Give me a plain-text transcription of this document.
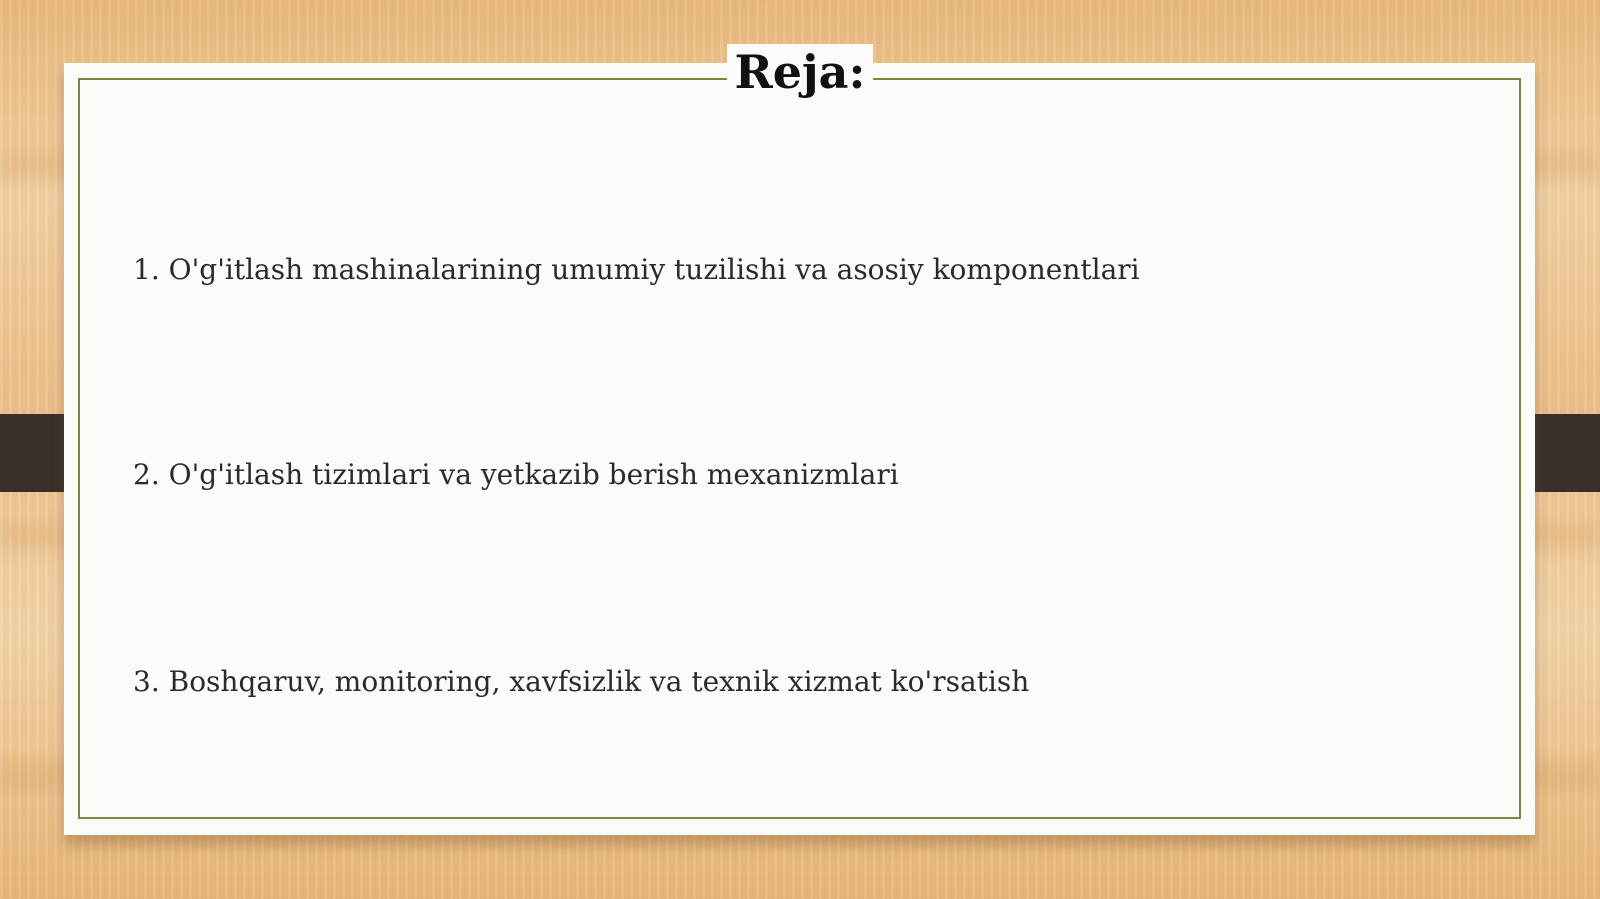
Reja:
1. O'g'itlash mashinalarining umumiy tuzilishi va asosiy komponentlari
2. O'g'itlash tizimlari va yetkazib berish mexanizmlari
3. Boshqaruv, monitoring, xavfsizlik va texnik xizmat ko'rsatish
